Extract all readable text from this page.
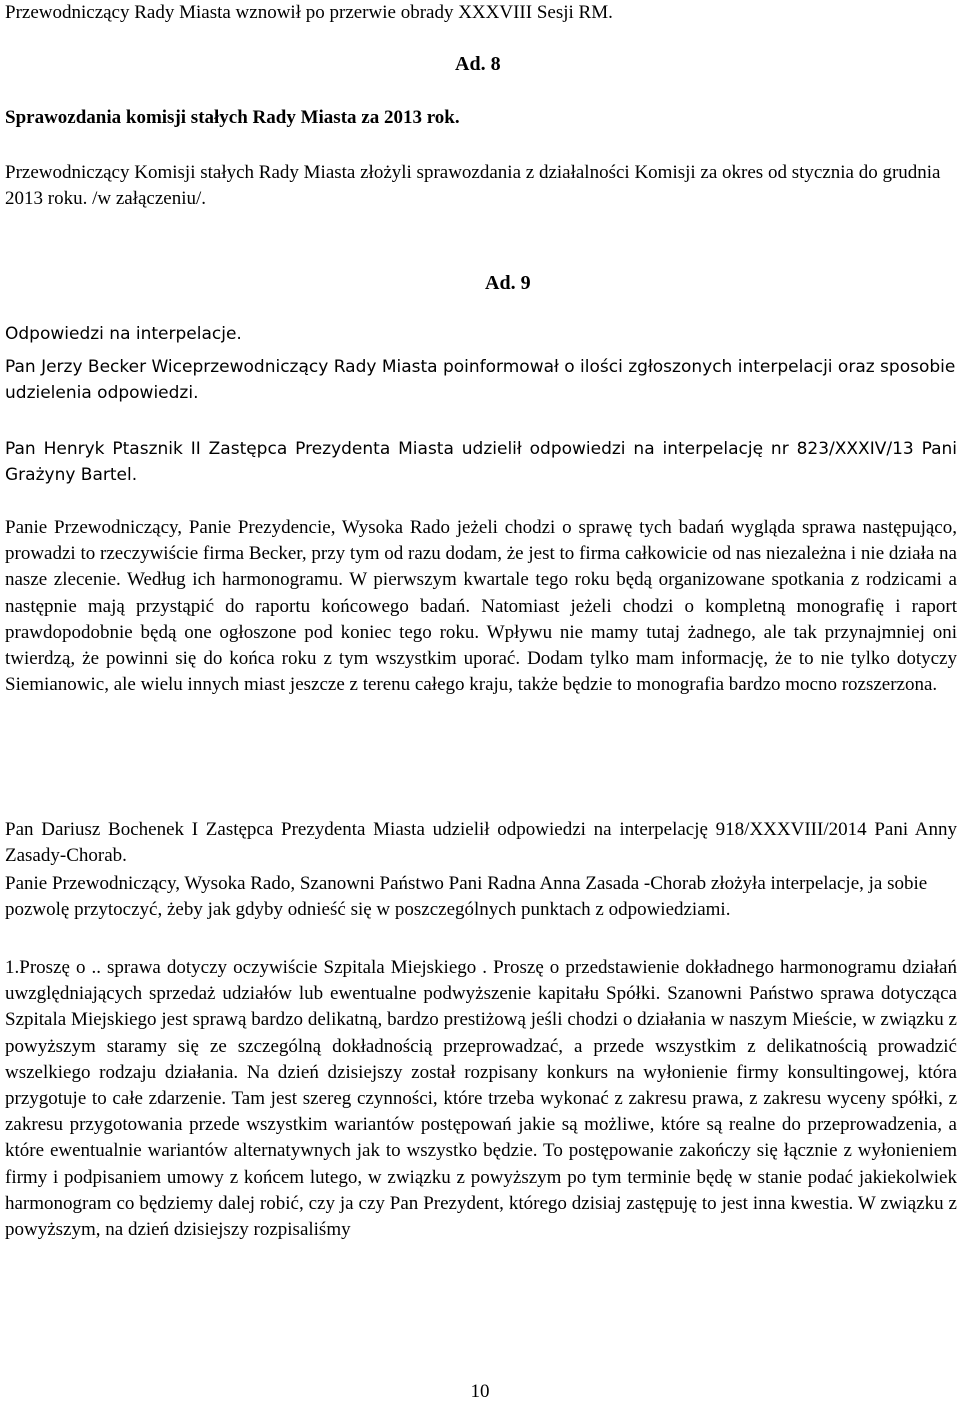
Przewodniczący Rady Miasta wznowił po przerwie obrady XXXVIII Sesji RM.

Ad. 8

Sprawozdania komisji stałych Rady Miasta za 2013 rok.

Przewodniczący Komisji stałych Rady Miasta złożyli sprawozdania z działalności Komisji za okres od stycznia do grudnia 2013 roku. /w załączeniu/.

Ad. 9

Odpowiedzi na interpelacje.

Pan Jerzy Becker Wiceprzewodniczący Rady Miasta poinformował o ilości zgłoszonych interpelacji oraz sposobie udzielenia odpowiedzi.

Pan Henryk Ptasznik II Zastępca Prezydenta Miasta udzielił odpowiedzi na interpelację nr 823/XXXIV/13 Pani Grażyny Bartel.

Panie Przewodniczący, Panie Prezydencie, Wysoka Rado jeżeli chodzi o sprawę tych badań wygląda sprawa następująco, prowadzi to rzeczywiście firma Becker, przy tym od razu dodam, że jest to firma całkowicie od nas niezależna i nie działa na nasze zlecenie. Według ich harmonogramu. W pierwszym kwartale tego roku będą organizowane spotkania z rodzicami a następnie mają przystąpić do raportu końcowego badań. Natomiast jeżeli chodzi o kompletną monografię i raport prawdopodobnie będą one ogłoszone pod koniec tego roku. Wpływu nie mamy tutaj żadnego, ale tak przynajmniej oni twierdzą, że powinni się do końca roku z tym wszystkim uporać. Dodam tylko mam informację, że to nie tylko dotyczy Siemianowic, ale wielu innych miast jeszcze z terenu całego kraju, także będzie to monografia bardzo mocno rozszerzona.

Pan Dariusz Bochenek I Zastępca Prezydenta Miasta udzielił odpowiedzi na interpelację 918/XXXVIII/2014 Pani Anny Zasady-Chorab.

Panie Przewodniczący, Wysoka Rado, Szanowni Państwo Pani Radna Anna Zasada -Chorab złożyła interpelacje, ja sobie pozwolę przytoczyć, żeby jak gdyby odnieść się w poszczególnych punktach z odpowiedziami.

1.Proszę o .. sprawa dotyczy oczywiście Szpitala Miejskiego . Proszę o przedstawienie dokładnego harmonogramu działań uwzględniających sprzedaż udziałów lub ewentualne podwyższenie kapitału Spółki. Szanowni Państwo sprawa dotycząca Szpitala Miejskiego jest sprawą bardzo delikatną, bardzo prestiżową jeśli chodzi o działania w naszym Mieście, w związku z powyższym staramy się ze szczególną dokładnością przeprowadzać, a przede wszystkim z delikatnością prowadzić wszelkiego rodzaju działania. Na dzień dzisiejszy został rozpisany konkurs na wyłonienie firmy konsultingowej, która przygotuje to całe zdarzenie. Tam jest szereg czynności, które trzeba wykonać z zakresu prawa, z zakresu wyceny spółki, z zakresu przygotowania przede wszystkim wariantów postępowań jakie są możliwe, które są realne do przeprowadzenia, a które ewentualnie wariantów alternatywnych jak to wszystko będzie. To postępowanie zakończy się łącznie z wyłonieniem firmy i podpisaniem umowy z końcem lutego, w związku z powyższym po tym terminie będę w stanie podać jakiekolwiek harmonogram co będziemy dalej robić, czy ja czy Pan Prezydent, którego dzisiaj zastępuję to jest inna kwestia. W związku z powyższym, na dzień dzisiejszy rozpisaliśmy

10
